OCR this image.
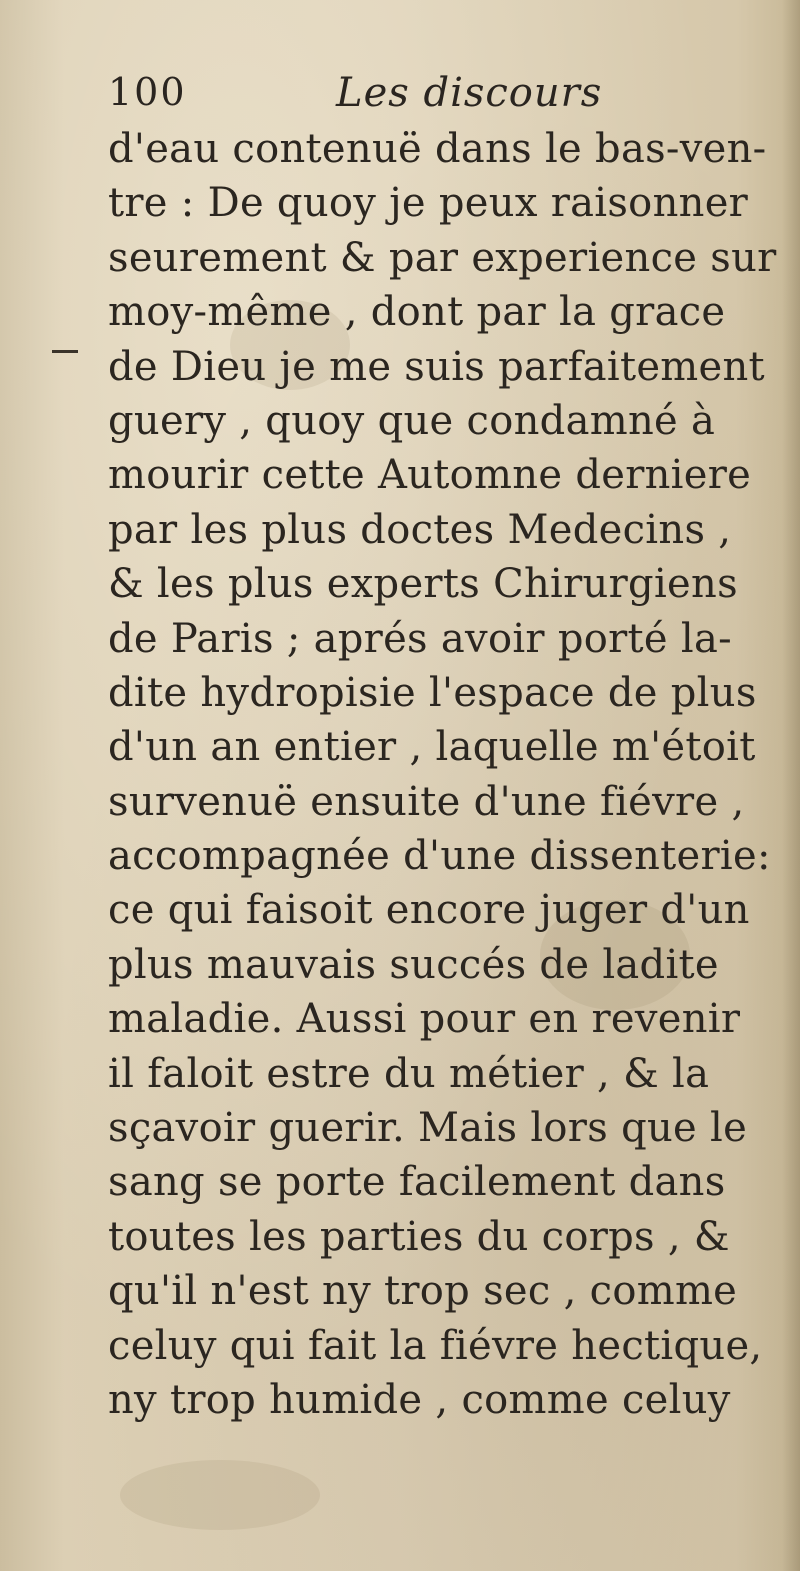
100	Les discours
d'eau contenuë dans le bas-ven-
tre : De quoy je peux raisonner
seurement & par experience sur
moy-même , dont par la grace
de Dieu je me suis parfaitement
guery , quoy que condamné à
mourir cette Automne derniere
par les plus doctes Medecins ,
& les plus experts Chirurgiens
de Paris ; aprés avoir porté la-
dite hydropisie l'espace de plus
d'un an entier , laquelle m'étoit
survenuë ensuite d'une fiévre ,
accompagnée d'une dissenterie:
ce qui faisoit encore juger d'un
plus mauvais succés de ladite
maladie. Aussi pour en revenir
il faloit estre du métier , & la
sçavoir guerir. Mais lors que le
sang se porte facilement dans
toutes les parties du corps , &
qu'il n'est ny trop sec , comme
celuy qui fait la fiévre hectique,
ny trop humide , comme celuy
